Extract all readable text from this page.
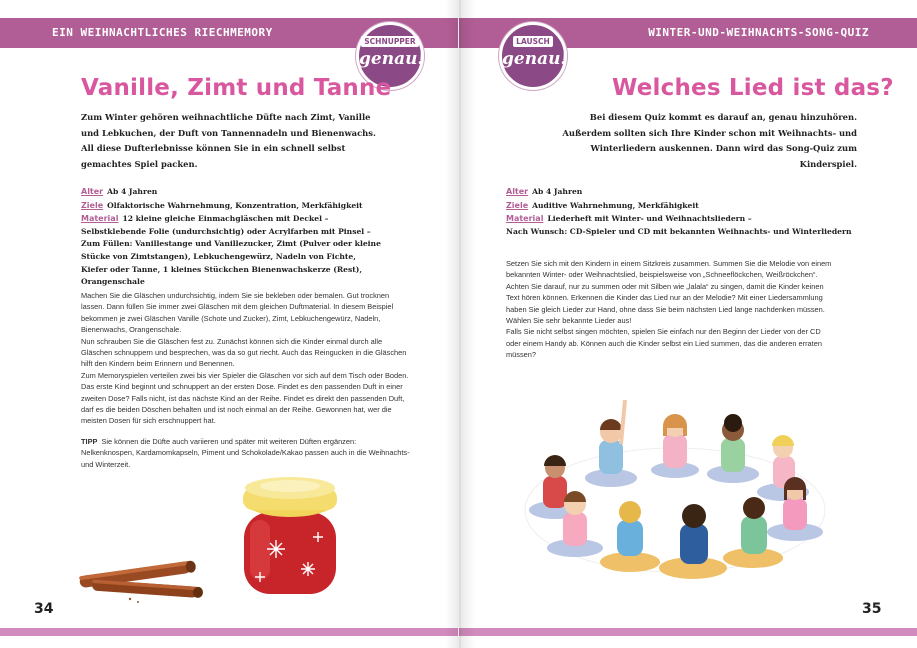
EIN WEIHNACHTLICHES RIECHMEMORY
SCHNUPPER
genau!
Vanille, Zimt und Tanne
Zum Winter gehören weihnachtliche Düfte nach Zimt, Vanille und Lebkuchen, der Duft von Tannennadeln und Bienenwachs. All diese Dufterlebnisse können Sie in ein schnell selbst gemachtes Spiel packen.
Alter Ab 4 Jahren
Ziele Olfaktorische Wahrnehmung, Konzentration, Merkfähigkeit
Material 12 kleine gleiche Einmachgläschen mit Deckel – Selbstklebende Folie (undurchsichtig) oder Acrylfarben mit Pinsel – Zum Füllen: Vanillestange und Vanillezucker, Zimt (Pulver oder kleine Stücke von Zimtstangen), Lebkuchengewürz, Nadeln von Fichte, Kiefer oder Tanne, 1 kleines Stückchen Bienenwachskerze (Rest), Orangenschale

Machen Sie die Gläschen undurchsichtig, indem Sie sie bekleben oder bemalen. Gut trocknen lassen. Dann füllen Sie immer zwei Gläschen mit dem gleichen Duftmaterial. In diesem Beispiel bekommen je zwei Gläschen Vanille (Schote und Zucker), Zimt, Lebkuchengewürz, Nadeln, Bienenwachs, Orangenschale.

Nun schrauben Sie die Gläschen fest zu. Zunächst können sich die Kinder einmal durch alle Gläschen schnuppern und besprechen, was da so gut riecht. Auch das Reingucken in die Gläschen hilft den Kindern beim Erinnern und Benennen.

Zum Memoryspielen verteilen zwei bis vier Spieler die Gläschen vor sich auf dem Tisch oder Boden. Das erste Kind beginnt und schnuppert an der ersten Dose. Findet es den passenden Duft in einer zweiten Dose? Falls nicht, ist das nächste Kind an der Reihe. Findet es direkt den passenden Duft, darf es die beiden Döschen behalten und ist noch einmal an der Reihe. Gewonnen hat, wer die meisten Dosen für sich erschnuppert hat.

TIPP Sie können die Düfte auch variieren und später mit weiteren Düften ergänzen: Nelkenknospen, Kardamomkapseln, Piment und Schokolade/Kakao passen auch in die Weihnachts- und Winterzeit.

34
WINTER-UND-WEIHNACHTS-SONG-QUIZ
LAUSCH
genau!
Welches Lied ist das?
Bei diesem Quiz kommt es darauf an, genau hinzuhören. Außerdem sollten sich Ihre Kinder schon mit Weihnachts- und Winterliedern auskennen. Dann wird das Song-Quiz zum Kinderspiel.
Alter Ab 4 Jahren
Ziele Auditive Wahrnehmung, Merkfähigkeit
Material Liederheft mit Winter- und Weihnachtsliedern –
Nach Wunsch: CD-Spieler und CD mit bekannten Weihnachts- und Winterliedern

Setzen Sie sich mit den Kindern in einem Sitzkreis zusammen. Summen Sie die Melodie von einem bekannten Winter- oder Weihnachtslied, beispielsweise von „Schneeflöckchen, Weißröckchen“. Achten Sie darauf, nur zu summen oder mit Silben wie „lalala“ zu singen, damit die Kinder keinen Text hören können. Erkennen die Kinder das Lied nur an der Melodie? Mit einer Liedersammlung haben Sie gleich Lieder zur Hand, ohne dass Sie beim nächsten Lied lange nachdenken müssen. Wählen Sie sehr bekannte Lieder aus!

Falls Sie nicht selbst singen möchten, spielen Sie einfach nur den Beginn der Lieder von der CD oder einem Handy ab. Können auch die Kinder selbst ein Lied summen, das die anderen erraten müssen?

35
